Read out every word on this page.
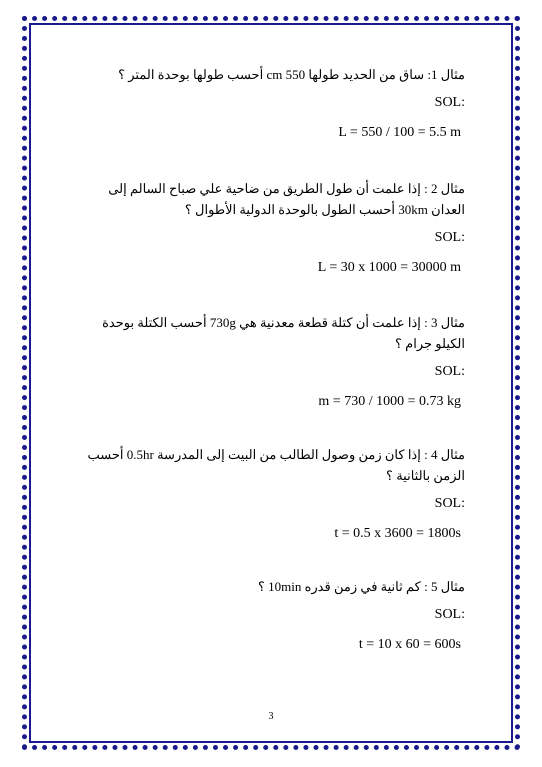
مثال 1: ساق من الحديد طولها 550 cm أحسب طولها بوحدة المتر ؟

SOL:

L = 550 / 100 = 5.5 m

مثال 2 : إذا علمت أن طول الطريق من ضاحية علي صباح السالم إلى العدان 30km أحسب الطول بالوحدة الدولية الأطوال ؟

SOL:

L = 30 x 1000 = 30000 m

مثال 3 : إذا علمت أن كتلة قطعة معدنية هي 730g أحسب الكتلة بوحدة الكيلو جرام ؟

SOL:

m = 730 / 1000 = 0.73 kg

مثال 4 : إذا كان زمن وصول الطالب من البيت إلى المدرسة 0.5hr أحسب الزمن بالثانية ؟

SOL:

t = 0.5 x 3600 = 1800s

مثال 5 : كم ثانية في زمن قدره 10min ؟

SOL:

t = 10 x 60 = 600s

3
